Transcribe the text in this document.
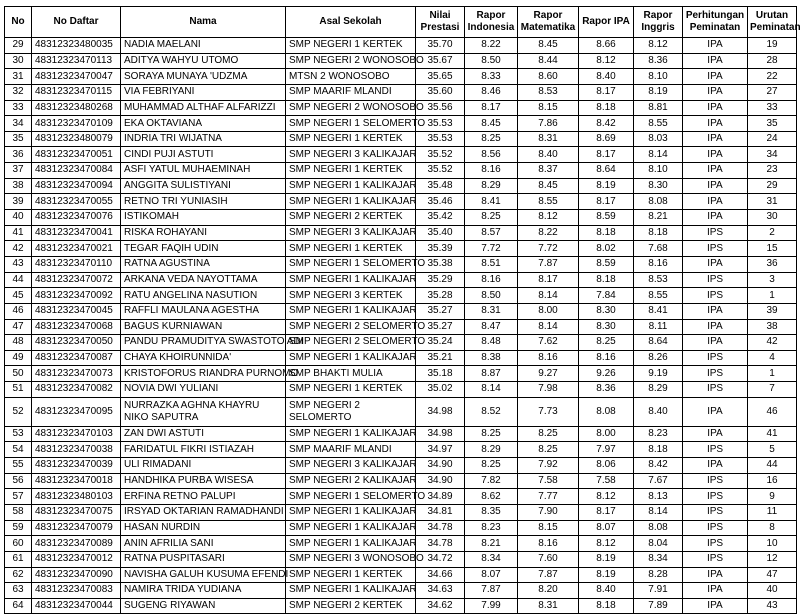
No	No Daftar	Nama	Asal Sekolah	Nilai Prestasi	Rapor Indonesia	Rapor Matematika	Rapor IPA	Rapor Inggris	Perhitungan Peminatan	Urutan Peminatan
29	48312323480035	NADIA MAELANI	SMP NEGERI 1 KERTEK	35.70	8.22	8.45	8.66	8.12	IPA	19
30	48312323470113	ADITYA WAHYU UTOMO	SMP NEGERI 2 WONOSOBO	35.67	8.50	8.44	8.12	8.36	IPA	28
31	48312323470047	SORAYA MUNAYA 'UDZMA	MTSN 2 WONOSOBO	35.65	8.33	8.60	8.40	8.10	IPA	22
32	48312323470115	VIA FEBRIYANI	SMP MAARIF MLANDI	35.60	8.46	8.53	8.17	8.19	IPA	27
33	48312323480268	MUHAMMAD ALTHAF ALFARIZZI	SMP NEGERI 2 WONOSOBO	35.56	8.17	8.15	8.18	8.81	IPA	33
34	48312323470109	EKA OKTAVIANA	SMP NEGERI 1 SELOMERTO	35.53	8.45	7.86	8.42	8.55	IPA	35
35	48312323480079	INDRIA TRI WIJATNA	SMP NEGERI 1 KERTEK	35.53	8.25	8.31	8.69	8.03	IPA	24
36	48312323470051	CINDI PUJI ASTUTI	SMP NEGERI 3 KALIKAJAR	35.52	8.56	8.40	8.17	8.14	IPA	34
37	48312323470084	ASFI YATUL MUHAEMINAH	SMP NEGERI 1 KERTEK	35.52	8.16	8.37	8.64	8.10	IPA	23
38	48312323470094	ANGGITA SULISTIYANI	SMP NEGERI 1 KALIKAJAR	35.48	8.29	8.45	8.19	8.30	IPA	29
39	48312323470055	RETNO TRI YUNIASIH	SMP NEGERI 1 KALIKAJAR	35.46	8.41	8.55	8.17	8.08	IPA	31
40	48312323470076	ISTIKOMAH	SMP NEGERI 2 KERTEK	35.42	8.25	8.12	8.59	8.21	IPA	30
41	48312323470041	RISKA ROHAYANI	SMP NEGERI 3 KALIKAJAR	35.40	8.57	8.22	8.18	8.18	IPS	2
42	48312323470021	TEGAR FAQIH UDIN	SMP NEGERI 1 KERTEK	35.39	7.72	7.72	8.02	7.68	IPS	15
43	48312323470110	RATNA AGUSTINA	SMP NEGERI 1 SELOMERTO	35.38	8.51	7.87	8.59	8.16	IPA	36
44	48312323470072	ARKANA VEDA NAYOTTAMA	SMP NEGERI 1 KALIKAJAR	35.29	8.16	8.17	8.18	8.53	IPS	3
45	48312323470092	RATU ANGELINA NASUTION	SMP NEGERI 3 KERTEK	35.28	8.50	8.14	7.84	8.55	IPS	1
46	48312323470045	RAFFLI MAULANA AGESTHA	SMP NEGERI 1 KALIKAJAR	35.27	8.31	8.00	8.30	8.41	IPA	39
47	48312323470068	BAGUS KURNIAWAN	SMP NEGERI 2 SELOMERTO	35.27	8.47	8.14	8.30	8.11	IPA	38
48	48312323470050	PANDU PRAMUDITYA SWASTOTO ADI	SMP NEGERI 2 SELOMERTO	35.24	8.48	7.62	8.25	8.64	IPA	42
49	48312323470087	CHAYA KHOIRUNNIDA'	SMP NEGERI 1 KALIKAJAR	35.21	8.38	8.16	8.16	8.26	IPS	4
50	48312323470073	KRISTOFORUS RIANDRA PURNOMO	SMP BHAKTI MULIA	35.18	8.87	9.27	9.26	9.19	IPS	1
51	48312323470082	NOVIA DWI YULIANI	SMP NEGERI 1 KERTEK	35.02	8.14	7.98	8.36	8.29	IPS	7
52	48312323470095	NURRAZKA AGHNA KHAYRU NIKO SAPUTRA	SMP NEGERI 2 SELOMERTO	34.98	8.52	7.73	8.08	8.40	IPA	46
53	48312323470103	ZAN DWI ASTUTI	SMP NEGERI 1 KALIKAJAR	34.98	8.25	8.25	8.00	8.23	IPA	41
54	48312323470038	FARIDATUL FIKRI ISTIAZAH	SMP MAARIF MLANDI	34.97	8.29	8.25	7.97	8.18	IPS	5
55	48312323470039	ULI RIMADANI	SMP NEGERI 3 KALIKAJAR	34.90	8.25	7.92	8.06	8.42	IPA	44
56	48312323470018	HANDHIKA PURBA WISESA	SMP NEGERI 2 KALIKAJAR	34.90	7.82	7.58	7.58	7.67	IPS	16
57	48312323480103	ERFINA RETNO PALUPI	SMP NEGERI 1 SELOMERTO	34.89	8.62	7.77	8.12	8.13	IPS	9
58	48312323470075	IRSYAD OKTARIAN RAMADHANDI	SMP NEGERI 1 KALIKAJAR	34.81	8.35	7.90	8.17	8.14	IPS	11
59	48312323470079	HASAN NURDIN	SMP NEGERI 1 KALIKAJAR	34.78	8.23	8.15	8.07	8.08	IPS	8
60	48312323470089	ANIN AFRILIA SANI	SMP NEGERI 1 KALIKAJAR	34.78	8.21	8.16	8.12	8.04	IPS	10
61	48312323470012	RATNA PUSPITASARI	SMP NEGERI 3 WONOSOBO	34.72	8.34	7.60	8.19	8.34	IPS	12
62	48312323470090	NAVISHA GALUH KUSUMA EFENDI	SMP NEGERI 1 KERTEK	34.66	8.07	7.87	8.19	8.28	IPA	47
63	48312323470083	NAMIRA TRIDA YUDIANA	SMP NEGERI 1 KALIKAJAR	34.63	7.87	8.20	8.40	7.91	IPA	40
64	48312323470044	SUGENG RIYAWAN	SMP NEGERI 2 KERTEK	34.62	7.99	8.31	8.18	7.89	IPA	43
